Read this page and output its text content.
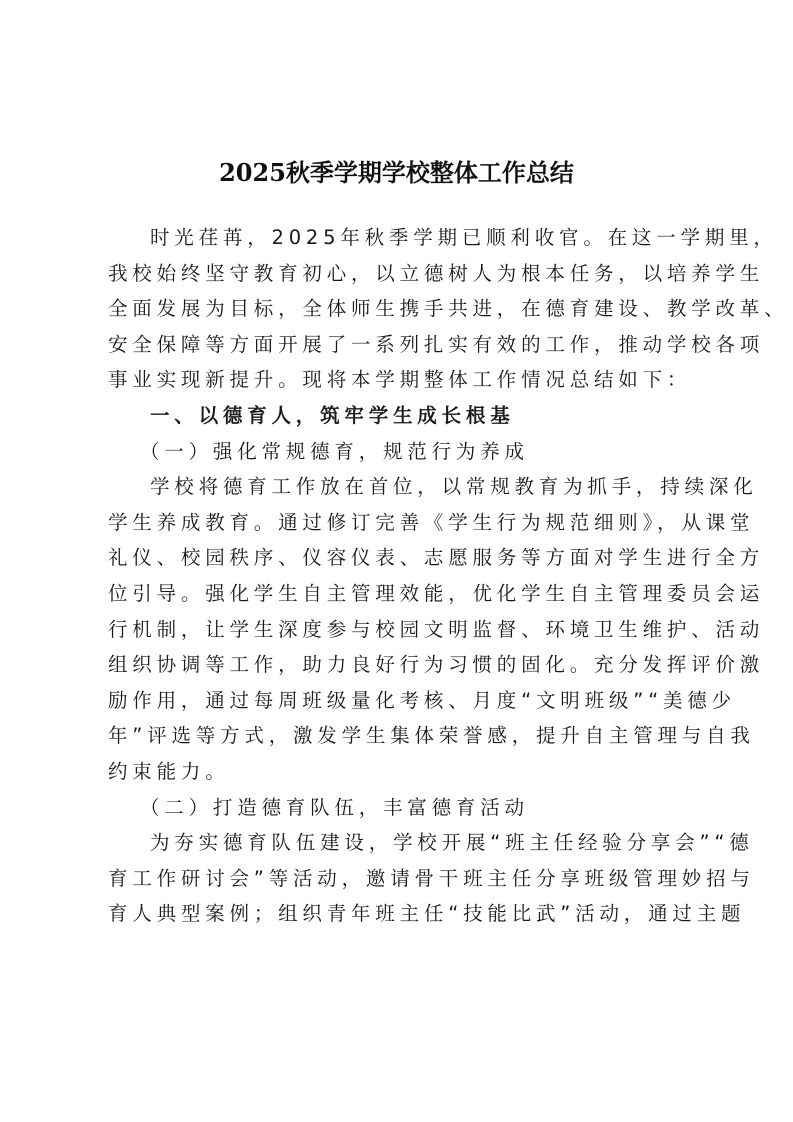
2025秋季学期学校整体工作总结
时光荏苒，2025年秋季学期已顺利收官。在这一学期里，
我校始终坚守教育初心，以立德树人为根本任务，以培养学生
全面发展为目标，全体师生携手共进，在德育建设、教学改革、
安全保障等方面开展了一系列扎实有效的工作，推动学校各项
事业实现新提升。现将本学期整体工作情况总结如下：
一、以德育人，筑牢学生成长根基
（一）强化常规德育，规范行为养成
学校将德育工作放在首位，以常规教育为抓手，持续深化
学生养成教育。通过修订完善《学生行为规范细则》，从课堂
礼仪、校园秩序、仪容仪表、志愿服务等方面对学生进行全方
位引导。强化学生自主管理效能，优化学生自主管理委员会运
行机制，让学生深度参与校园文明监督、环境卫生维护、活动
组织协调等工作，助力良好行为习惯的固化。充分发挥评价激
励作用，通过每周班级量化考核、月度“文明班级”“美德少
年”评选等方式，激发学生集体荣誉感，提升自主管理与自我
约束能力。
（二）打造德育队伍，丰富德育活动
为夯实德育队伍建设，学校开展“班主任经验分享会”“德
育工作研讨会”等活动，邀请骨干班主任分享班级管理妙招与
育人典型案例；组织青年班主任“技能比武”活动，通过主题
